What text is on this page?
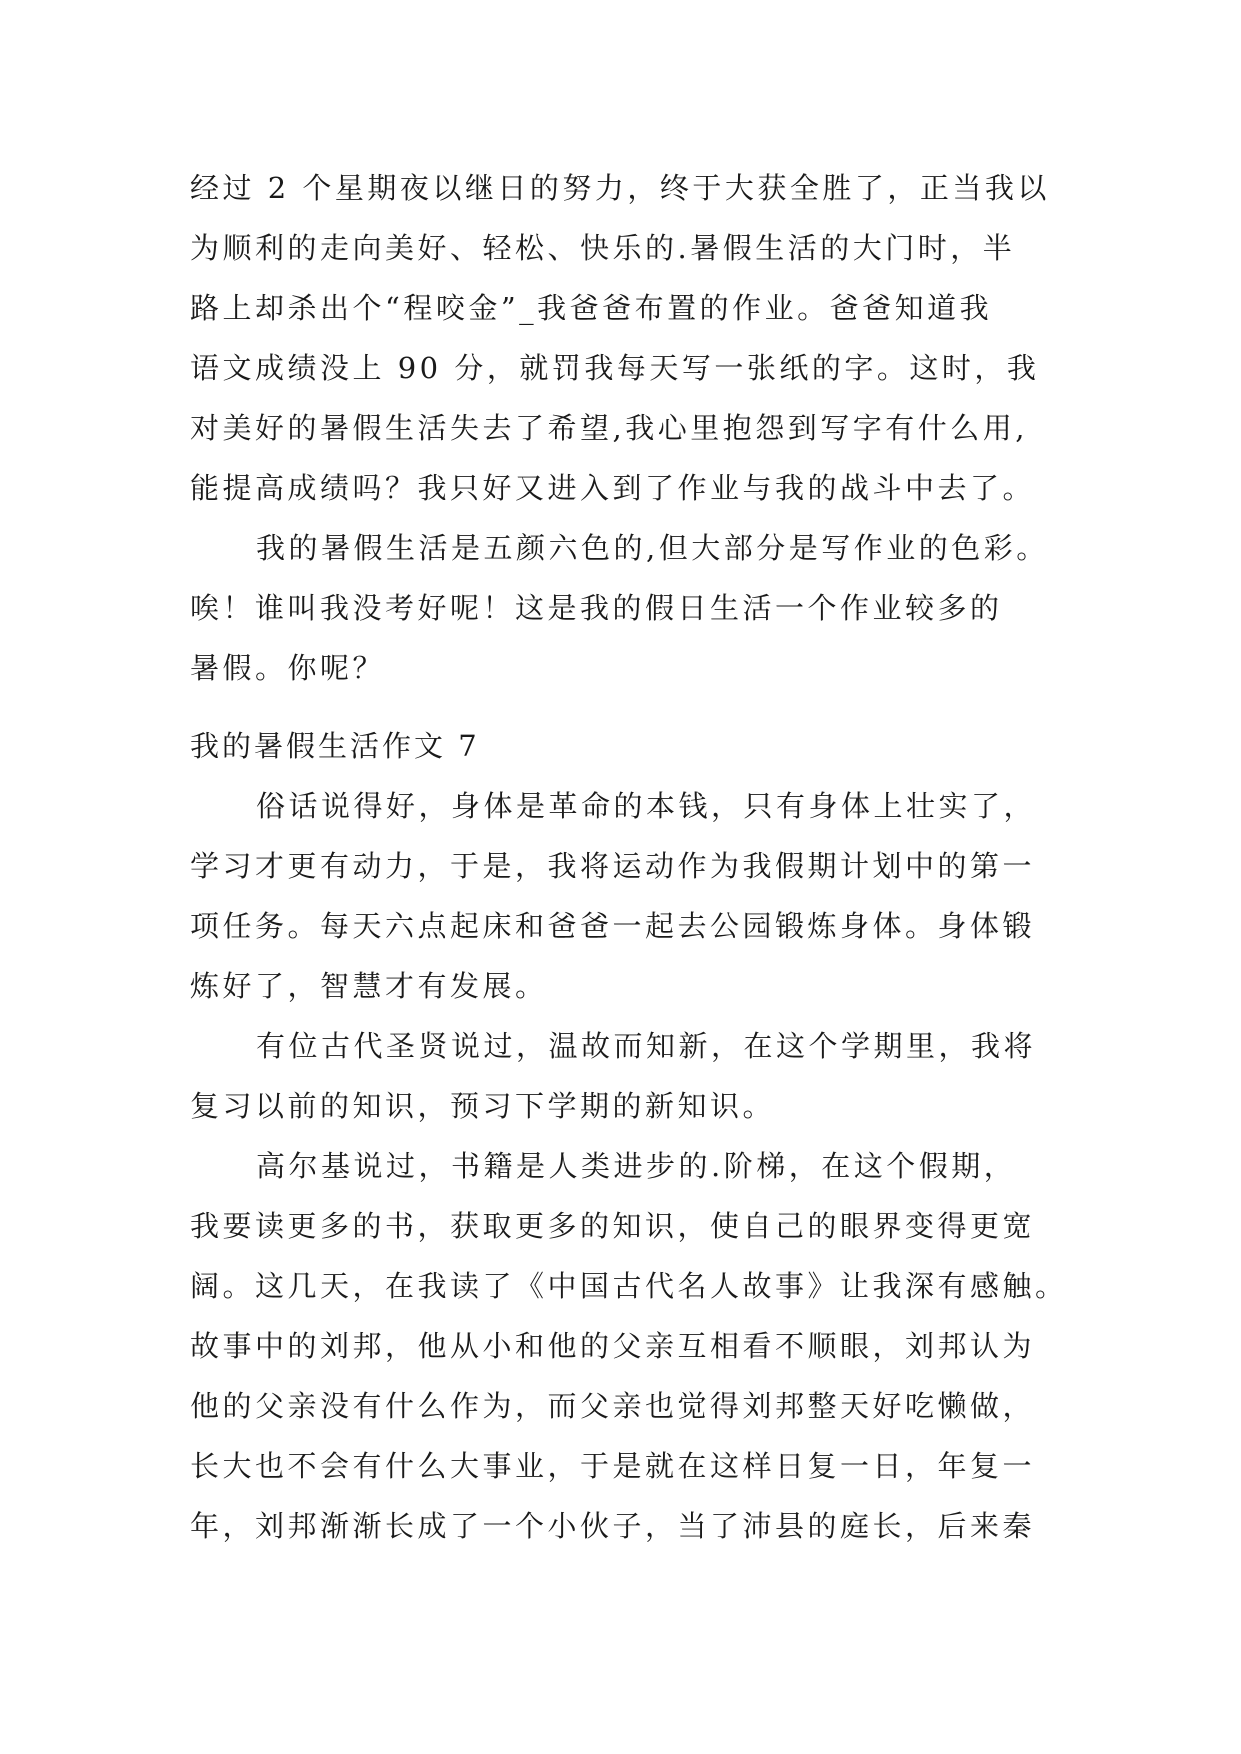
经过 2 个星期夜以继日的努力，终于大获全胜了，正当我以
为顺利的走向美好、轻松、快乐的.暑假生活的大门时，半
路上却杀出个“程咬金”_我爸爸布置的作业。爸爸知道我
语文成绩没上 90 分，就罚我每天写一张纸的字。这时，我
对美好的暑假生活失去了希望,我心里抱怨到写字有什么用,
能提高成绩吗？我只好又进入到了作业与我的战斗中去了。
我的暑假生活是五颜六色的,但大部分是写作业的色彩。
唉！谁叫我没考好呢！这是我的假日生活一个作业较多的
暑假。你呢？
我的暑假生活作文 7
俗话说得好，身体是革命的本钱，只有身体上壮实了，
学习才更有动力，于是，我将运动作为我假期计划中的第一
项任务。每天六点起床和爸爸一起去公园锻炼身体。身体锻
炼好了，智慧才有发展。
有位古代圣贤说过，温故而知新，在这个学期里，我将
复习以前的知识，预习下学期的新知识。
高尔基说过，书籍是人类进步的.阶梯，在这个假期，
我要读更多的书，获取更多的知识，使自己的眼界变得更宽
阔。这几天，在我读了《中国古代名人故事》让我深有感触。
故事中的刘邦，他从小和他的父亲互相看不顺眼，刘邦认为
他的父亲没有什么作为，而父亲也觉得刘邦整天好吃懒做，
长大也不会有什么大事业，于是就在这样日复一日，年复一
年，刘邦渐渐长成了一个小伙子，当了沛县的庭长，后来秦
